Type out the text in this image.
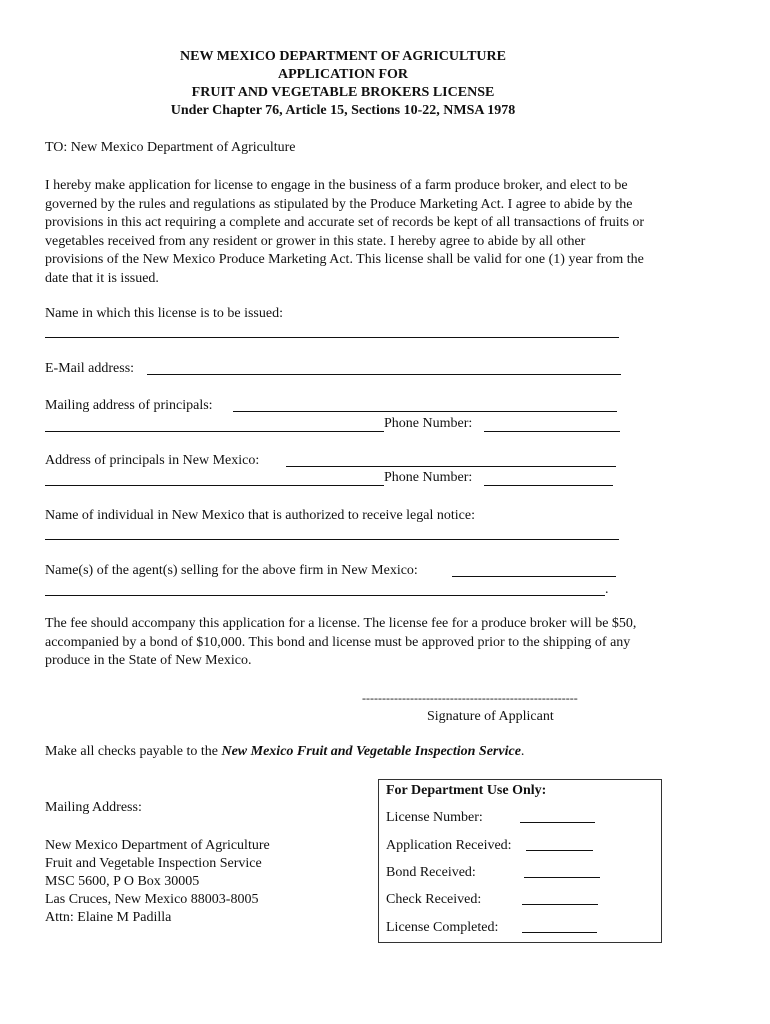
NEW MEXICO DEPARTMENT OF AGRICULTURE
APPLICATION FOR
FRUIT AND VEGETABLE BROKERS LICENSE
Under Chapter 76, Article 15, Sections 10-22, NMSA 1978
TO: New Mexico Department of Agriculture
I hereby make application for license to engage in the business of a farm produce broker, and elect to be governed by the rules and regulations as stipulated by the Produce Marketing Act. I agree to abide by the provisions in this act requiring a complete and accurate set of records be kept of all transactions of fruits or vegetables received from any resident or grower in this state. I hereby agree to abide by all other provisions of the New Mexico Produce Marketing Act. This license shall be valid for one (1) year from the date that it is issued.
Name in which this license is to be issued:
E-Mail address:
Mailing address of principals:
Phone Number:
Address of principals in New Mexico:
Phone Number:
Name of individual in New Mexico that is authorized to receive legal notice:
Name(s) of the agent(s) selling for the above firm in New Mexico:
.
The fee should accompany this application for a license. The license fee for a produce broker will be $50, accompanied by a bond of $10,000. This bond and license must be approved prior to the shipping of any produce in the State of New Mexico.
------------------------------------------------------
Signature of Applicant
Make all checks payable to the New Mexico Fruit and Vegetable Inspection Service.
Mailing Address:
New Mexico Department of Agriculture
Fruit and Vegetable Inspection Service
MSC 5600, P O Box 30005
Las Cruces, New Mexico 88003-8005
Attn: Elaine M Padilla
For Department Use Only:
License Number:
Application Received:
Bond Received:
Check Received:
License Completed:
